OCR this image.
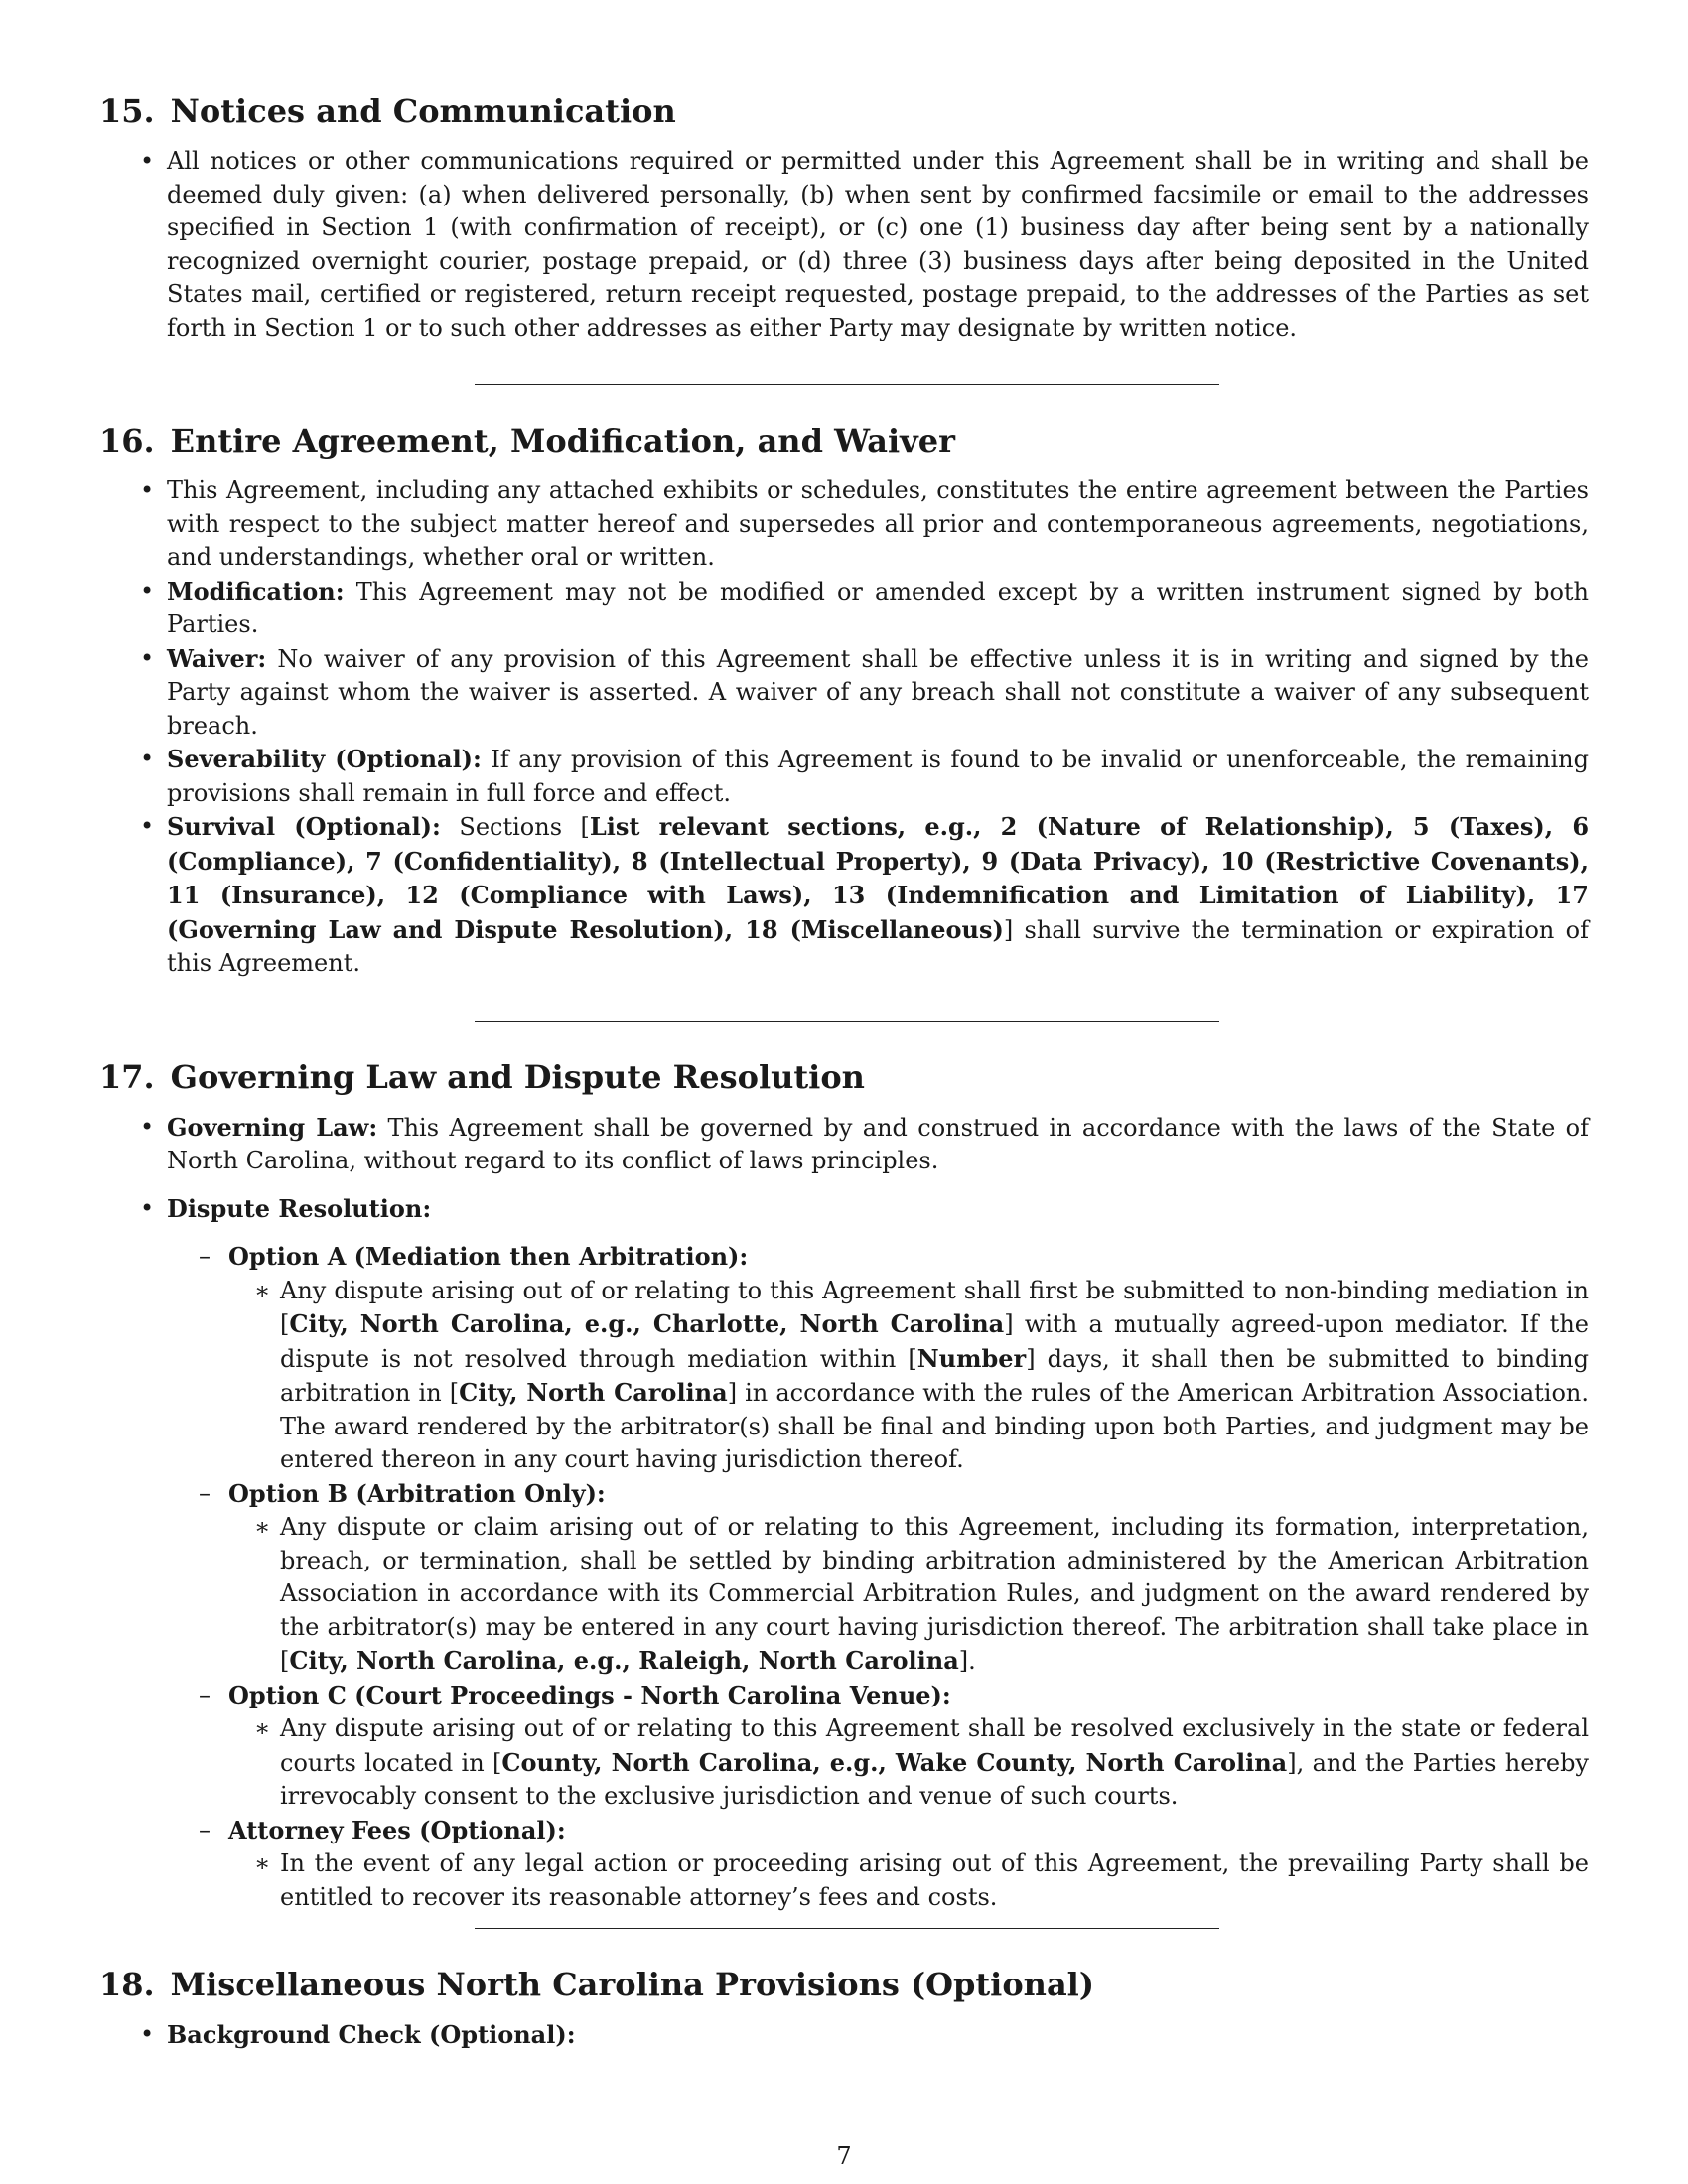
15. Notices and Communication
• All notices or other communications required or permitted under this Agreement shall be in writing and shall be deemed duly given: (a) when delivered personally, (b) when sent by confirmed facsimile or email to the addresses specified in Section 1 (with confirmation of receipt), or (c) one (1) business day after being sent by a nationally recognized overnight courier, postage prepaid, or (d) three (3) business days after being deposited in the United States mail, certified or registered, return receipt requested, postage prepaid, to the addresses of the Parties as set forth in Section 1 or to such other addresses as either Party may designate by written notice.
16. Entire Agreement, Modification, and Waiver
• This Agreement, including any attached exhibits or schedules, constitutes the entire agreement between the Parties with respect to the subject matter hereof and supersedes all prior and contemporaneous agreements, negotiations, and understandings, whether oral or written.
• Modification: This Agreement may not be modified or amended except by a written instrument signed by both Parties.
• Waiver: No waiver of any provision of this Agreement shall be effective unless it is in writing and signed by the Party against whom the waiver is asserted. A waiver of any breach shall not constitute a waiver of any subsequent breach.
• Severability (Optional): If any provision of this Agreement is found to be invalid or unenforceable, the remaining provisions shall remain in full force and effect.
• Survival (Optional): Sections [List relevant sections, e.g., 2 (Nature of Relationship), 5 (Taxes), 6 (Compliance), 7 (Confidentiality), 8 (Intellectual Property), 9 (Data Privacy), 10 (Restrictive Covenants), 11 (Insurance), 12 (Compliance with Laws), 13 (Indemnification and Limitation of Liability), 17 (Governing Law and Dispute Resolution), 18 (Miscellaneous)] shall survive the termination or expiration of this Agreement.
17. Governing Law and Dispute Resolution
• Governing Law: This Agreement shall be governed by and construed in accordance with the laws of the State of North Carolina, without regard to its conflict of laws principles.
• Dispute Resolution:
– Option A (Mediation then Arbitration):
∗ Any dispute arising out of or relating to this Agreement shall first be submitted to non-binding mediation in [City, North Carolina, e.g., Charlotte, North Carolina] with a mutually agreed-upon mediator. If the dispute is not resolved through mediation within [Number] days, it shall then be submitted to binding arbitration in [City, North Carolina] in accordance with the rules of the American Arbitration Association. The award rendered by the arbitrator(s) shall be final and binding upon both Parties, and judgment may be entered thereon in any court having jurisdiction thereof.
– Option B (Arbitration Only):
∗ Any dispute or claim arising out of or relating to this Agreement, including its formation, interpretation, breach, or termination, shall be settled by binding arbitration administered by the American Arbitration Association in accordance with its Commercial Arbitration Rules, and judgment on the award rendered by the arbitrator(s) may be entered in any court having jurisdiction thereof. The arbitration shall take place in [City, North Carolina, e.g., Raleigh, North Carolina].
– Option C (Court Proceedings - North Carolina Venue):
∗ Any dispute arising out of or relating to this Agreement shall be resolved exclusively in the state or federal courts located in [County, North Carolina, e.g., Wake County, North Carolina], and the Parties hereby irrevocably consent to the exclusive jurisdiction and venue of such courts.
– Attorney Fees (Optional):
∗ In the event of any legal action or proceeding arising out of this Agreement, the prevailing Party shall be entitled to recover its reasonable attorney’s fees and costs.
18. Miscellaneous North Carolina Provisions (Optional)
• Background Check (Optional):
7
